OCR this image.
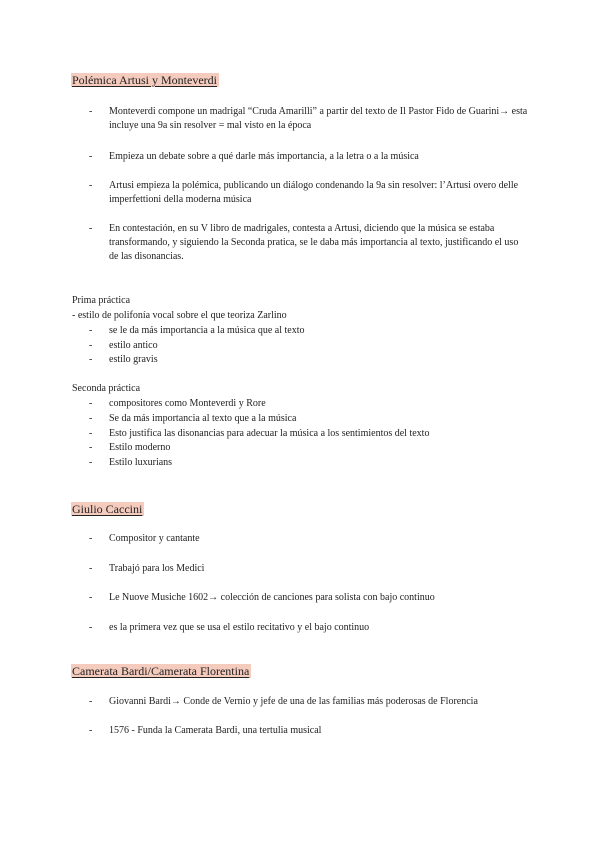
Polémica Artusi y Monteverdi
- Monteverdi compone un madrigal “Cruda Amarilli” a partir del texto de Il Pastor Fido de Guarini→ esta incluye una 9a sin resolver = mal visto en la época
- Empieza un debate sobre a qué darle más importancia, a la letra o a la música
- Artusi empieza la polémica, publicando un diálogo condenando la 9a sin resolver: l’Artusi overo delle imperfettioni della moderna música
- En contestación, en su V libro de madrigales, contesta a Artusi, diciendo que la música se estaba transformando, y siguiendo la Seconda pratica, se le daba más importancia al texto, justificando el uso de las disonancias.
Prima práctica
- estilo de polifonía vocal sobre el que teoriza Zarlino
- se le da más importancia a la música que al texto
- estilo antico
- estilo gravis
Seconda práctica
- compositores como Monteverdi y Rore
- Se da más importancia al texto que a la música
- Esto justifica las disonancias para adecuar la música a los sentimientos del texto
- Estilo moderno
- Estilo luxurians
Giulio Caccini
- Compositor y cantante
- Trabajó para los Medici
- Le Nuove Musiche 1602→ colección de canciones para solista con bajo continuo
- es la primera vez que se usa el estilo recitativo y el bajo continuo
Camerata Bardi/Camerata Florentina
- Giovanni Bardi→ Conde de Vernio y jefe de una de las familias más poderosas de Florencia
- 1576 - Funda la Camerata Bardi, una tertulia musical
